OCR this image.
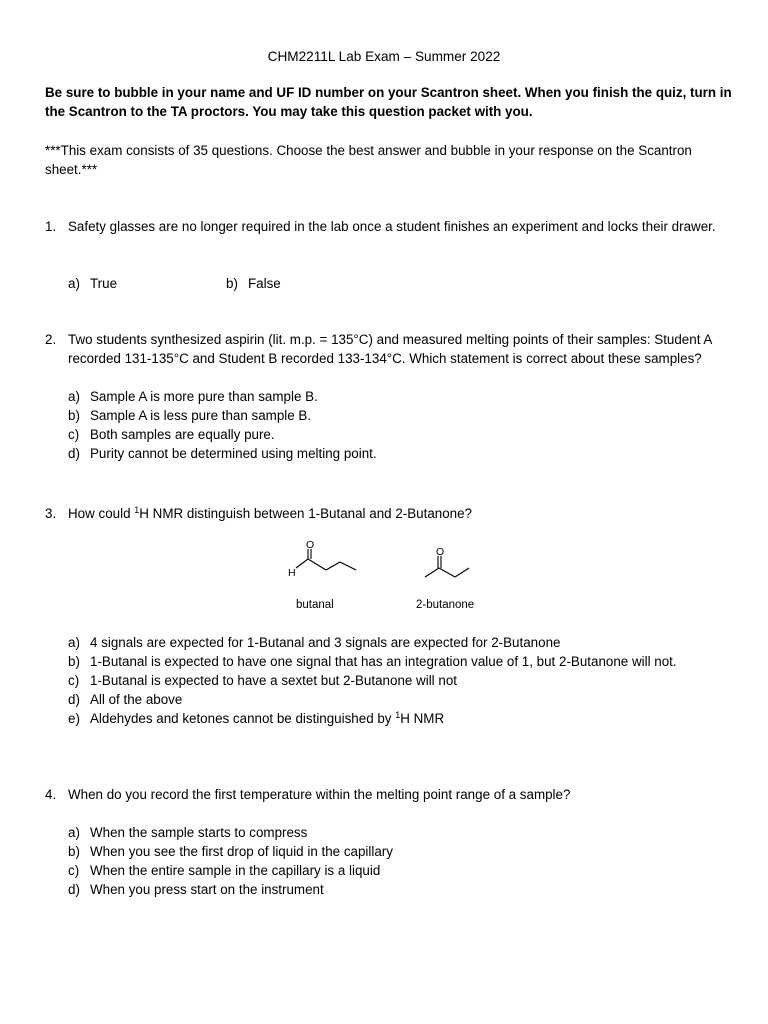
CHM2211L Lab Exam – Summer 2022
Be sure to bubble in your name and UF ID number on your Scantron sheet. When you finish the quiz, turn in the Scantron to the TA proctors. You may take this question packet with you.
***This exam consists of 35 questions. Choose the best answer and bubble in your response on the Scantron sheet.***
1. Safety glasses are no longer required in the lab once a student finishes an experiment and locks their drawer.
a) True	b) False
2. Two students synthesized aspirin (lit. m.p. = 135°C) and measured melting points of their samples: Student A recorded 131-135°C and Student B recorded 133-134°C. Which statement is correct about these samples?
a) Sample A is more pure than sample B.
b) Sample A is less pure than sample B.
c) Both samples are equally pure.
d) Purity cannot be determined using melting point.
3. How could $^1$H NMR distinguish between 1-Butanal and 2-Butanone?
O
H
O
butanal	2-butanone
a) 4 signals are expected for 1-Butanal and 3 signals are expected for 2-Butanone
b) 1-Butanal is expected to have one signal that has an integration value of 1, but 2-Butanone will not.
c) 1-Butanal is expected to have a sextet but 2-Butanone will not
d) All of the above
e) Aldehydes and ketones cannot be distinguished by $^1$H NMR
4. When do you record the first temperature within the melting point range of a sample?
a) When the sample starts to compress
b) When you see the first drop of liquid in the capillary
c) When the entire sample in the capillary is a liquid
d) When you press start on the instrument
